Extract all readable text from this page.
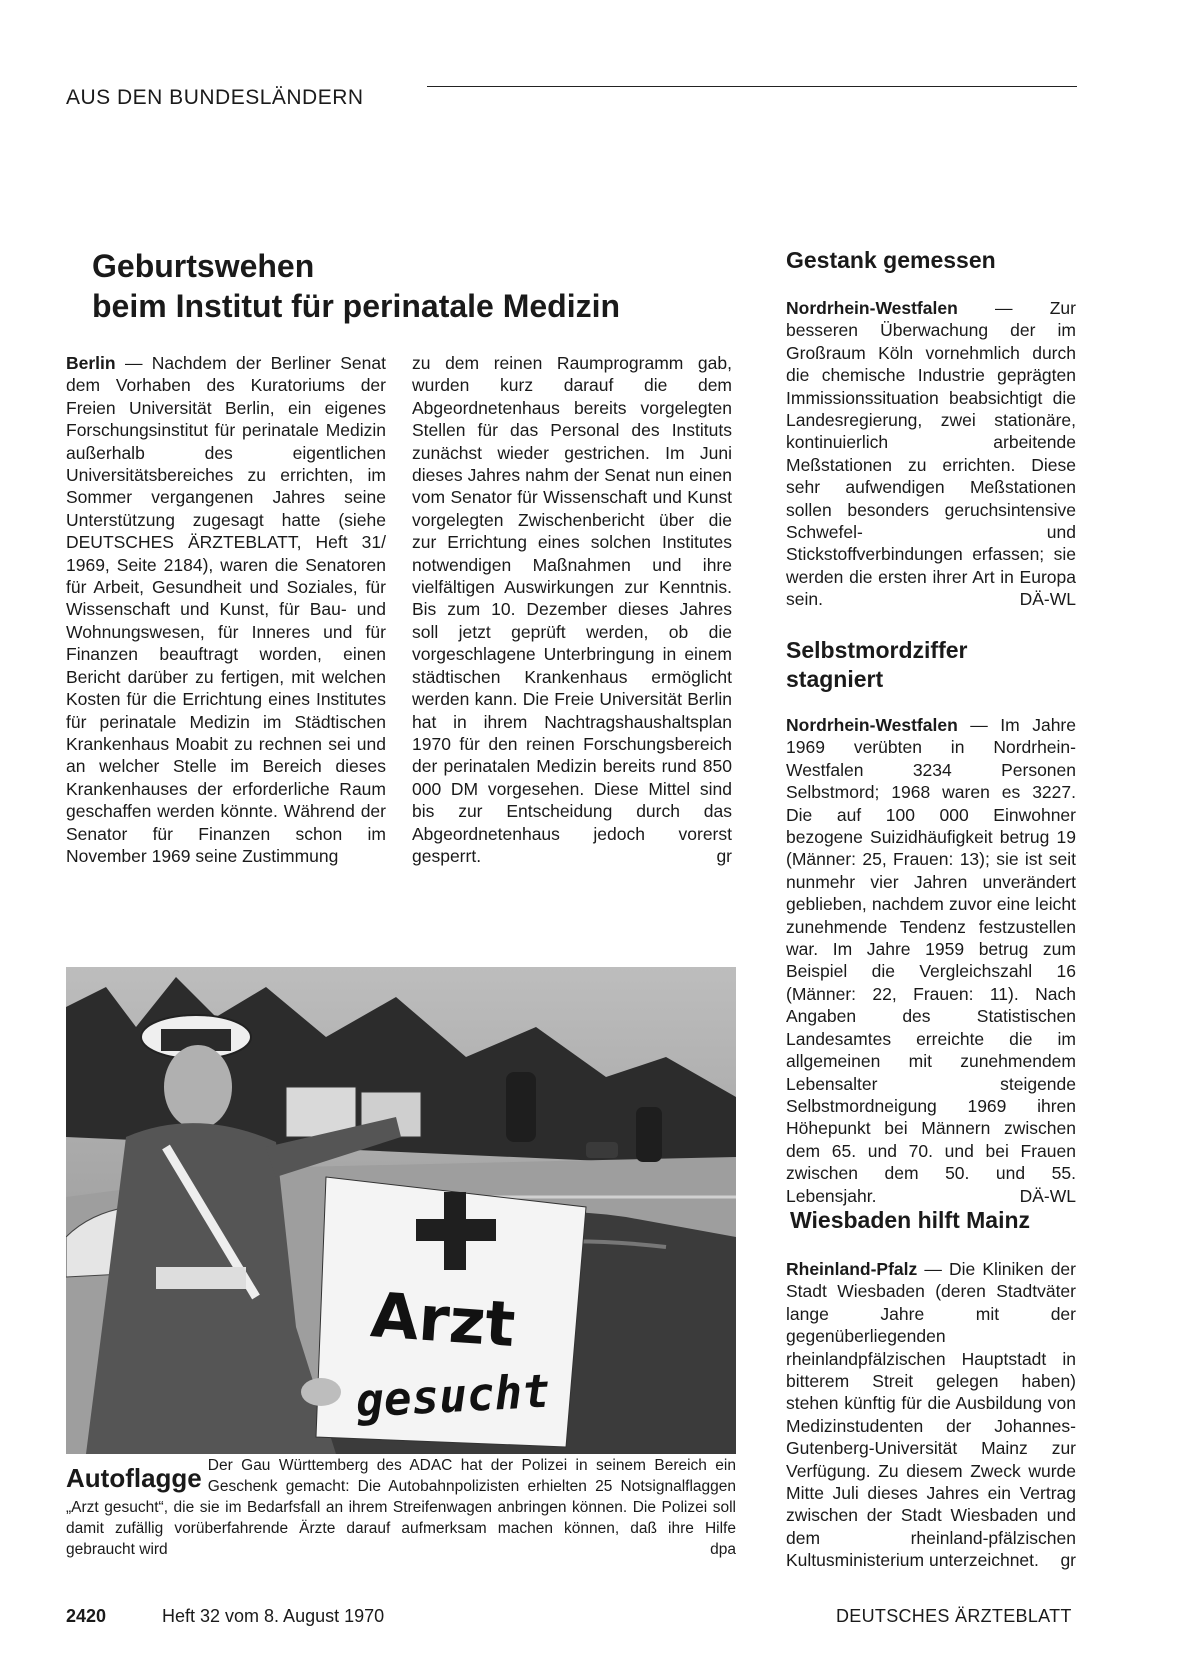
AUS DEN BUNDESLÄNDERN
Geburtswehen
beim Institut für perinatale Medizin
Berlin — Nachdem der Berliner Senat dem Vorhaben des Kuratoriums der Freien Universität Berlin, ein eigenes Forschungsinstitut für perinatale Medizin außerhalb des eigentlichen Universitätsbereiches zu errichten, im Sommer vergangenen Jahres seine Unterstützung zugesagt hatte (siehe DEUTSCHES ÄRZTEBLATT, Heft 31/ 1969, Seite 2184), waren die Senatoren für Arbeit, Gesundheit und Soziales, für Wissenschaft und Kunst, für Bau- und Wohnungswesen, für Inneres und für Finanzen beauftragt worden, einen Bericht darüber zu fertigen, mit welchen Kosten für die Errichtung eines Institutes für perinatale Medizin im Städtischen Krankenhaus Moabit zu rechnen sei und an welcher Stelle im Bereich dieses Krankenhauses der erforderliche Raum geschaffen werden könnte. Während der Senator für Finanzen schon im November 1969 seine Zustimmung
zu dem reinen Raumprogramm gab, wurden kurz darauf die dem Abgeordnetenhaus bereits vorgelegten Stellen für das Personal des Instituts zunächst wieder gestrichen. Im Juni dieses Jahres nahm der Senat nun einen vom Senator für Wissenschaft und Kunst vorgelegten Zwischenbericht über die zur Errichtung eines solchen Institutes notwendigen Maßnahmen und ihre vielfältigen Auswirkungen zur Kenntnis. Bis zum 10. Dezember dieses Jahres soll jetzt geprüft werden, ob die vorgeschlagene Unterbringung in einem städtischen Krankenhaus ermöglicht werden kann. Die Freie Universität Berlin hat in ihrem Nachtragshaushaltsplan 1970 für den reinen Forschungsbereich der perinatalen Medizin bereits rund 850 000 DM vorgesehen. Diese Mittel sind bis zur Entscheidung durch das Abgeordnetenhaus jedoch vorerst gesperrt.	gr
Gestank gemessen
Nordrhein-Westfalen — Zur besseren Überwachung der im Großraum Köln vornehmlich durch die chemische Industrie geprägten Immissionssituation beabsichtigt die Landesregierung, zwei stationäre, kontinuierlich arbeitende Meßstationen zu errichten. Diese sehr aufwendigen Meßstationen sollen besonders geruchsintensive Schwefel- und Stickstoffverbindungen erfassen; sie werden die ersten ihrer Art in Europa sein.	DÄ-WL
Selbstmordziffer
stagniert
Nordrhein-Westfalen — Im Jahre 1969 verübten in Nordrhein-Westfalen 3234 Personen Selbstmord; 1968 waren es 3227. Die auf 100 000 Einwohner bezogene Suizidhäufigkeit betrug 19 (Männer: 25, Frauen: 13); sie ist seit nunmehr vier Jahren unverändert geblieben, nachdem zuvor eine leicht zunehmende Tendenz festzustellen war. Im Jahre 1959 betrug zum Beispiel die Vergleichszahl 16 (Männer: 22, Frauen: 11). Nach Angaben des Statistischen Landesamtes erreichte die im allgemeinen mit zunehmendem Lebensalter steigende Selbstmordneigung 1969 ihren Höhepunkt bei Männern zwischen dem 65. und 70. und bei Frauen zwischen dem 50. und 55. Lebensjahr.	DÄ-WL
Wiesbaden hilft Mainz
Rheinland-Pfalz — Die Kliniken der Stadt Wiesbaden (deren Stadtväter lange Jahre mit der gegenüberliegenden rheinlandpfälzischen Hauptstadt in bitterem Streit gelegen haben) stehen künftig für die Ausbildung von Medizinstudenten der Johannes-Gutenberg-Universität Mainz zur Verfügung. Zu diesem Zweck wurde Mitte Juli dieses Jahres ein Vertrag zwischen der Stadt Wiesbaden und dem rheinland-pfälzischen Kultusministerium unterzeichnet. gr
Arzt
gesucht
Autoflagge Der Gau Württemberg des ADAC hat der Polizei in seinem Bereich ein Geschenk gemacht: Die Autobahnpolizisten erhielten 25 Notsignalflaggen „Arzt gesucht“, die sie im Bedarfsfall an ihrem Streifenwagen anbringen können. Die Polizei soll damit zufällig vorüberfahrende Ärzte darauf aufmerksam machen können, daß ihre Hilfe gebraucht wird	dpa
2420	Heft 32 vom 8. August 1970	DEUTSCHES ÄRZTEBLATT
